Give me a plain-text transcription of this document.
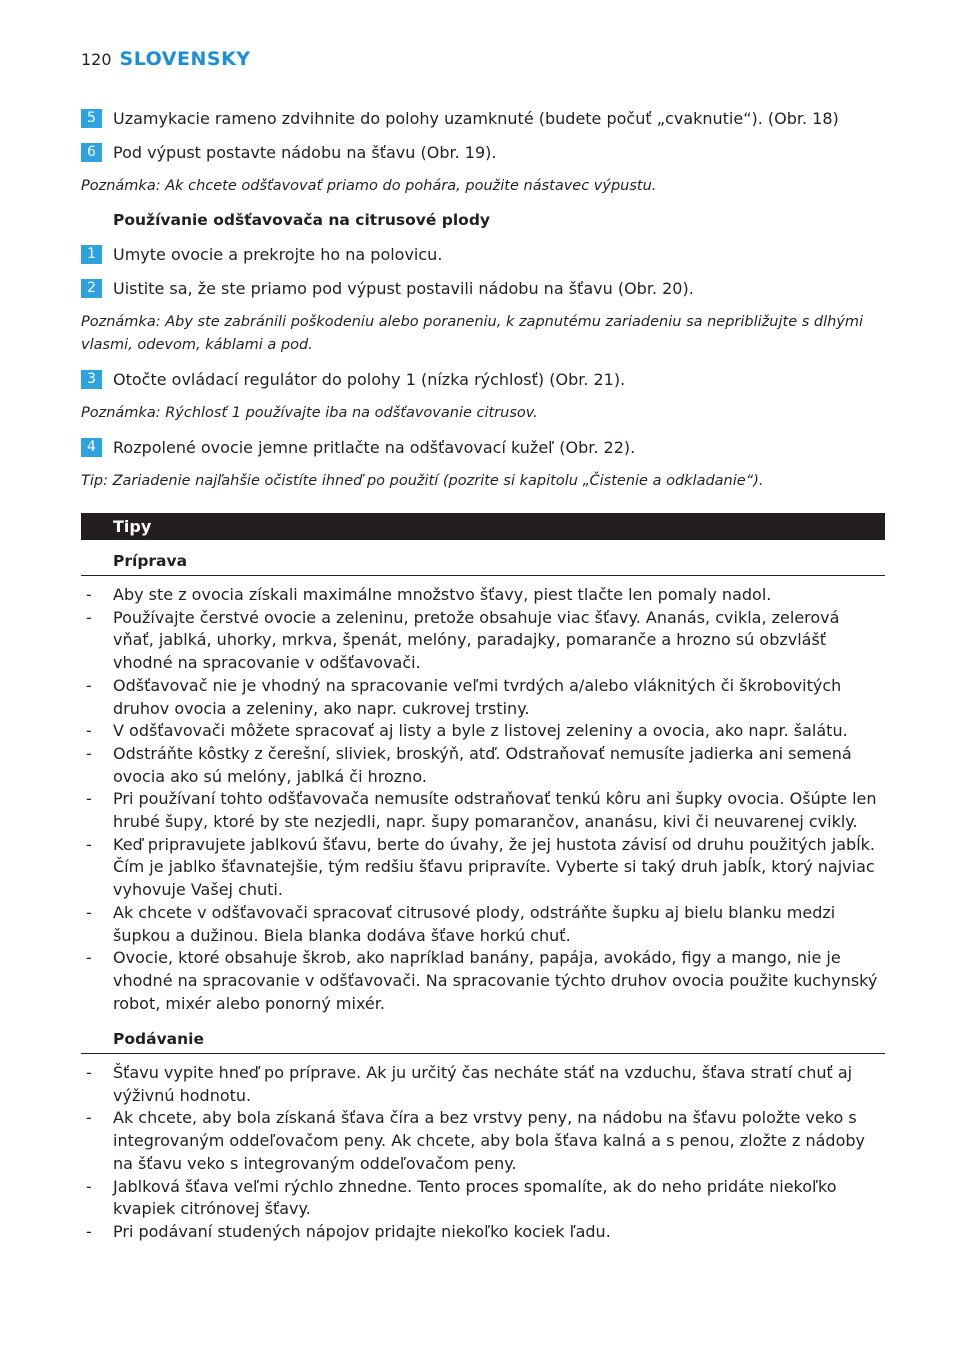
120 SLOVENSKY
5	Uzamykacie rameno zdvihnite do polohy uzamknuté (budete počuť „cvaknutie“). (Obr. 18)
6	Pod výpust postavte nádobu na šťavu (Obr. 19).
Poznámka: Ak chcete odšťavovať priamo do pohára, použite nástavec výpustu.
Používanie odšťavovača na citrusové plody
1	Umyte ovocie a prekrojte ho na polovicu.
2	Uistite sa, že ste priamo pod výpust postavili nádobu na šťavu (Obr. 20).
Poznámka: Aby ste zabránili poškodeniu alebo poraneniu, k zapnutému zariadeniu sa nepribližujte s dlhými vlasmi, odevom, káblami a pod.
3	Otočte ovládací regulátor do polohy 1 (nízka rýchlosť) (Obr. 21).
Poznámka: Rýchlosť 1 používajte iba na odšťavovanie citrusov.
4	Rozpolené ovocie jemne pritlačte na odšťavovací kužeľ (Obr. 22).
Tip: Zariadenie najľahšie očistíte ihneď po použití (pozrite si kapitolu „Čistenie a odkladanie“).
Tipy
Príprava
- Aby ste z ovocia získali maximálne množstvo šťavy, piest tlačte len pomaly nadol.
- Používajte čerstvé ovocie a zeleninu, pretože obsahuje viac šťavy. Ananás, cvikla, zelerová vňať, jablká, uhorky, mrkva, špenát, melóny, paradajky, pomaranče a hrozno sú obzvlášť vhodné na spracovanie v odšťavovači.
- Odšťavovač nie je vhodný na spracovanie veľmi tvrdých a/alebo vláknitých či škrobovitých druhov ovocia a zeleniny, ako napr. cukrovej trstiny.
- V odšťavovači môžete spracovať aj listy a byle z listovej zeleniny a ovocia, ako napr. šalátu.
- Odstráňte kôstky z čerešní, sliviek, broskýň, atď. Odstraňovať nemusíte jadierka ani semená ovocia ako sú melóny, jablká či hrozno.
- Pri používaní tohto odšťavovača nemusíte odstraňovať tenkú kôru ani šupky ovocia. Ošúpte len hrubé šupy, ktoré by ste nezjedli, napr. šupy pomarančov, ananásu, kivi či neuvarenej cvikly.
- Keď pripravujete jablkovú šťavu, berte do úvahy, že jej hustota závisí od druhu použitých jabĺk. Čím je jablko šťavnatejšie, tým redšiu šťavu pripravíte. Vyberte si taký druh jabĺk, ktorý najviac vyhovuje Vašej chuti.
- Ak chcete v odšťavovači spracovať citrusové plody, odstráňte šupku aj bielu blanku medzi šupkou a dužinou. Biela blanka dodáva šťave horkú chuť.
- Ovocie, ktoré obsahuje škrob, ako napríklad banány, papája, avokádo, figy a mango, nie je vhodné na spracovanie v odšťavovači. Na spracovanie týchto druhov ovocia použite kuchynský robot, mixér alebo ponorný mixér.
Podávanie
- Šťavu vypite hneď po príprave. Ak ju určitý čas necháte stáť na vzduchu, šťava stratí chuť aj výživnú hodnotu.
- Ak chcete, aby bola získaná šťava číra a bez vrstvy peny, na nádobu na šťavu položte veko s integrovaným oddeľovačom peny. Ak chcete, aby bola šťava kalná a s penou, zložte z nádoby na šťavu veko s integrovaným oddeľovačom peny.
- Jablková šťava veľmi rýchlo zhnedne. Tento proces spomalíte, ak do neho pridáte niekoľko kvapiek citrónovej šťavy.
- Pri podávaní studených nápojov pridajte niekoľko kociek ľadu.
